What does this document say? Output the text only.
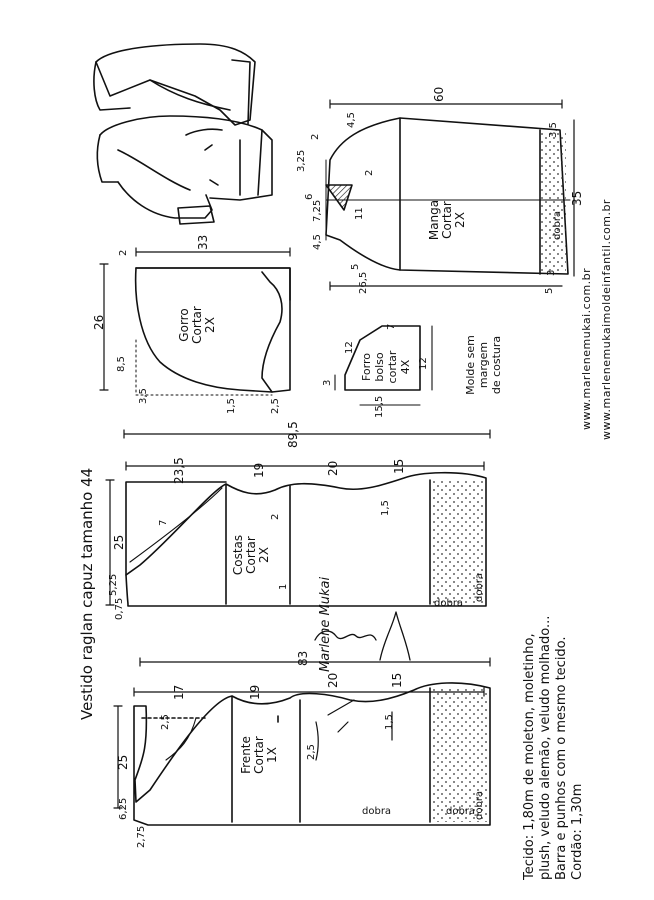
Vestido raglan capuz tamanho 44	Marlene Mukai
Frente Cortar 1X
Costas Cortar 2X
Gorro Cortar 2X
Forro bolso cortar 4X
Manga Cortar 2X
Molde sem margem de costura	www.marlenemukai.com.br www.marlenemukaimoldeinfantil.com.br
Tecido: 1,80m de moleton, moletinho, plush, veludo alemão, veludo molhado... Barra e punhos com o mesmo tecido. Cordão: 1,30m
dobra
dobra
dobra	dobra
dobra
dobra
25
6,25
2,75
17
2,5
19
20	15
83
2,5
1,5
25
5,25
0,75
23,5
7
19	20	15
89,5
2
1
1,5
33
26
2
8,5
3,5
1,5	2,5
7
12
12
15,5
3
60
2
4,5
3,25
6
7,25
4,5
11
5
2
26,5
3,5
35
3
5
